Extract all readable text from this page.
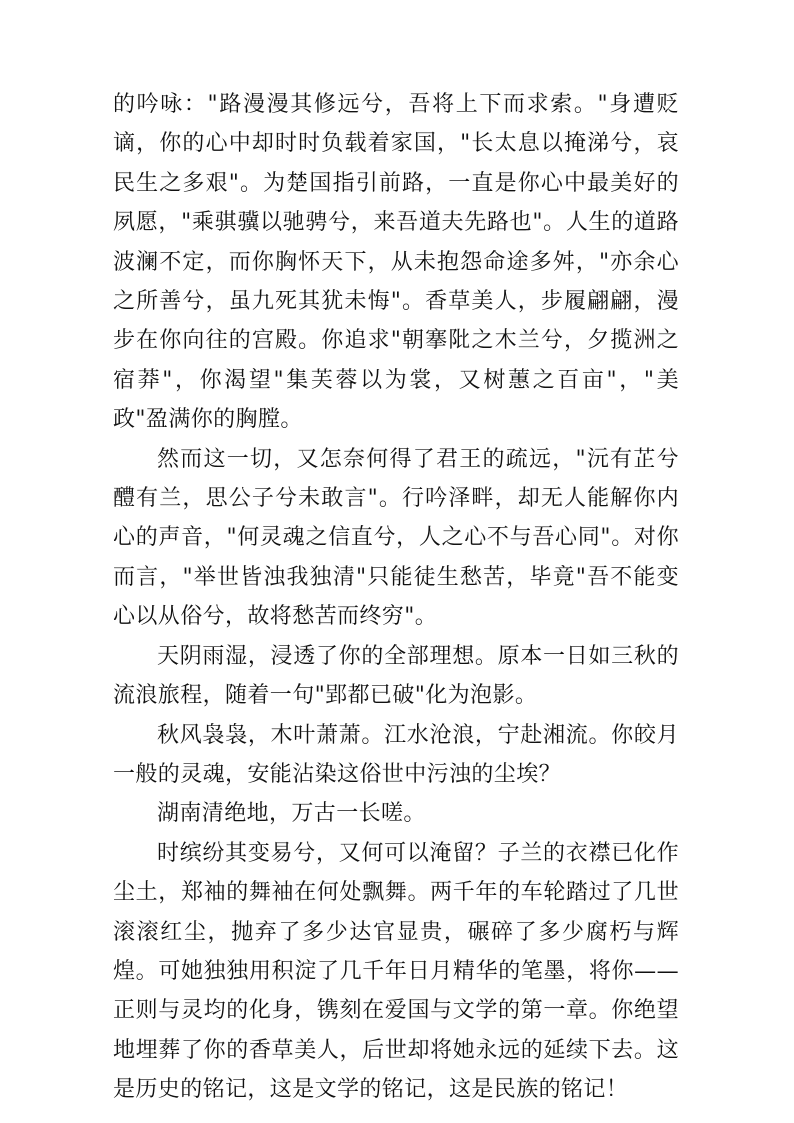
的吟咏："路漫漫其修远兮，吾将上下而求索。"身遭贬谪，你的心中却时时负载着家国，"长太息以掩涕兮，哀民生之多艰"。为楚国指引前路，一直是你心中最美好的夙愿，"乘骐骥以驰骋兮，来吾道夫先路也"。人生的道路波澜不定，而你胸怀天下，从未抱怨命途多舛，"亦余心之所善兮，虽九死其犹未悔"。香草美人，步履翩翩，漫步在你向往的宫殿。你追求"朝搴阰之木兰兮，夕揽洲之宿莽"，你渴望"集芙蓉以为裳，又树蕙之百亩"，"美政"盈满你的胸膛。

然而这一切，又怎奈何得了君王的疏远，"沅有芷兮醴有兰，思公子兮未敢言"。行吟泽畔，却无人能解你内心的声音，"何灵魂之信直兮，人之心不与吾心同"。对你而言，"举世皆浊我独清"只能徒生愁苦，毕竟"吾不能变心以从俗兮，故将愁苦而终穷"。

天阴雨湿，浸透了你的全部理想。原本一日如三秋的流浪旅程，随着一句"郢都已破"化为泡影。

秋风袅袅，木叶萧萧。江水沧浪，宁赴湘流。你皎月一般的灵魂，安能沾染这俗世中污浊的尘埃？

湖南清绝地，万古一长嗟。

时缤纷其变易兮，又何可以淹留？子兰的衣襟已化作尘土，郑袖的舞袖在何处飘舞。两千年的车轮踏过了几世滚滚红尘，抛弃了多少达官显贵，碾碎了多少腐朽与辉煌。可她独独用积淀了几千年日月精华的笔墨，将你——正则与灵均的化身，镌刻在爱国与文学的第一章。你绝望地埋葬了你的香草美人，后世却将她永远的延续下去。这是历史的铭记，这是文学的铭记，这是民族的铭记！
